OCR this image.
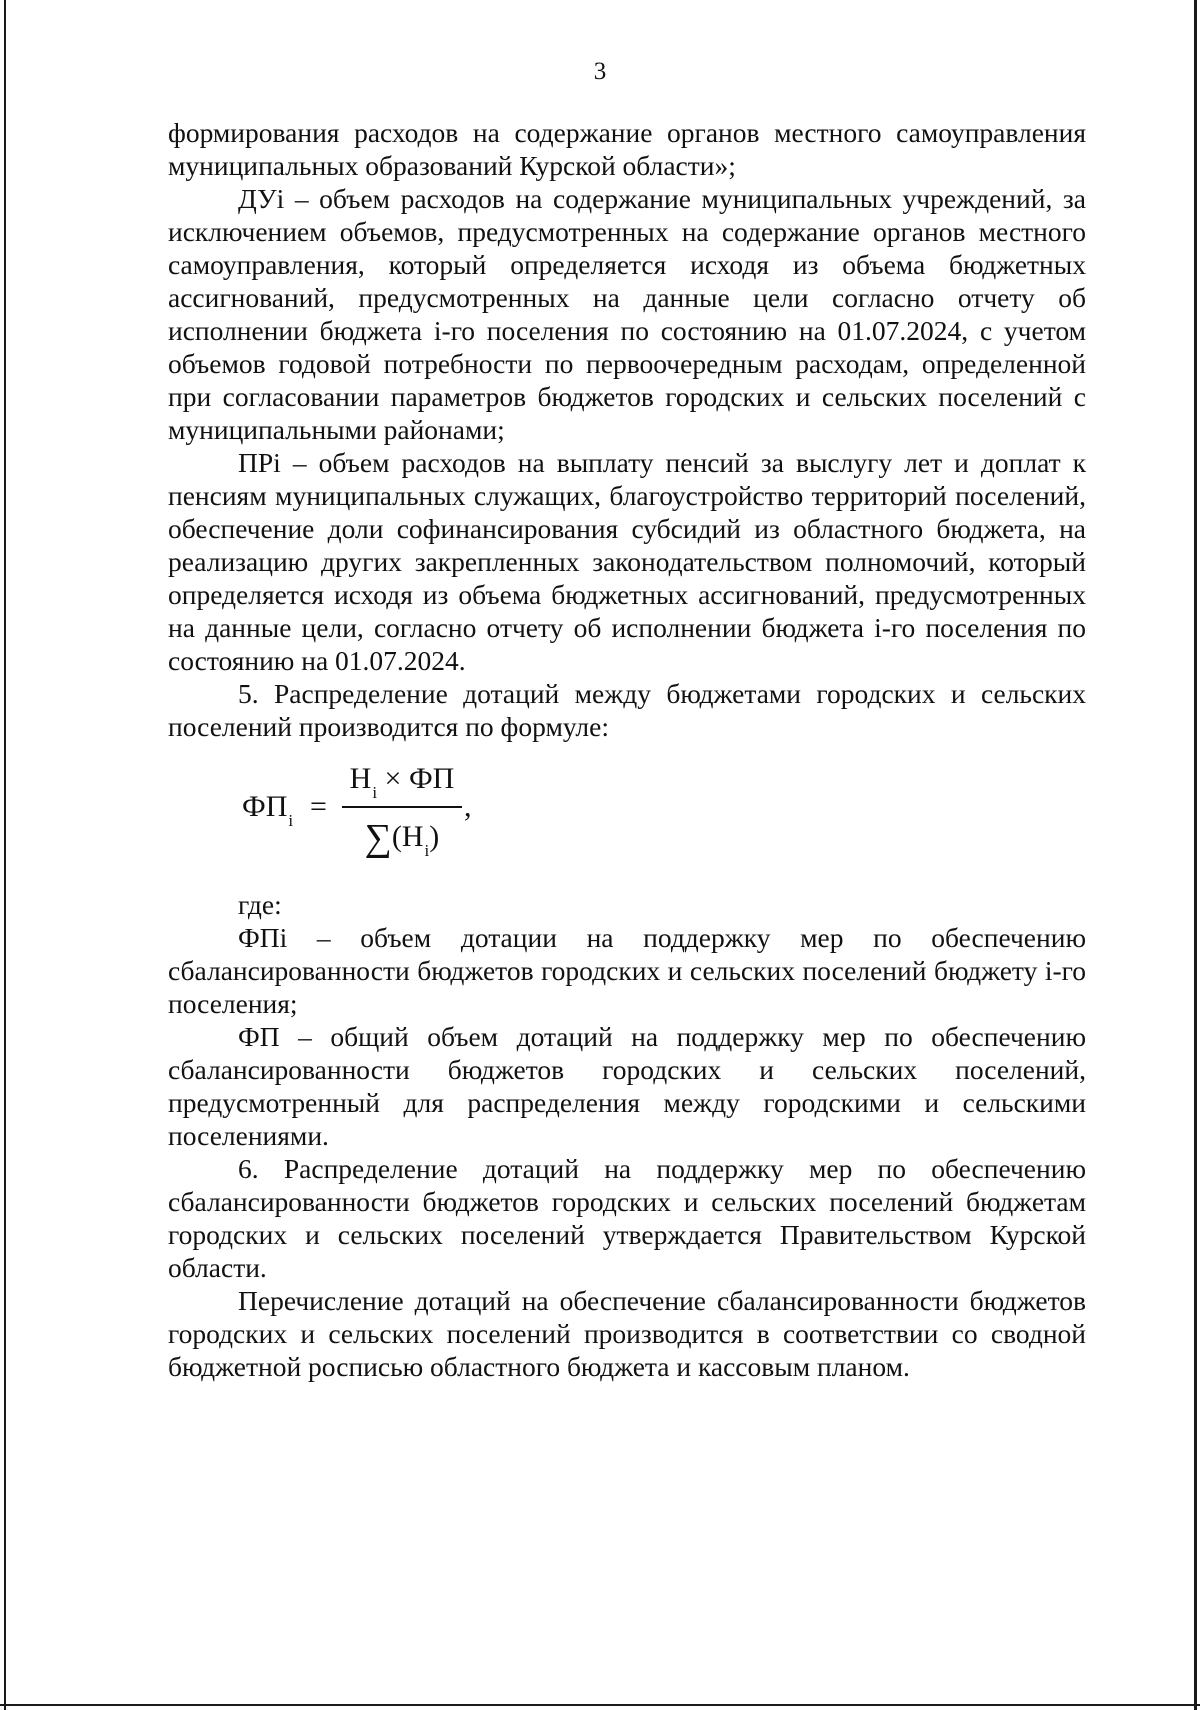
3

формирования расходов на содержание органов местного самоуправления муниципальных образований Курской области»;

ДУi – объем расходов на содержание муниципальных учреждений, за исключением объемов, предусмотренных на содержание органов местного самоуправления, который определяется исходя из объема бюджетных ассигнований, предусмотренных на данные цели согласно отчету об исполнении бюджета i-го поселения по состоянию на 01.07.2024, с учетом объемов годовой потребности по первоочередным расходам, определенной при согласовании параметров бюджетов городских и сельских поселений с муниципальными районами;

ПРi – объем расходов на выплату пенсий за выслугу лет и доплат к пенсиям муниципальных служащих, благоустройство территорий поселений, обеспечение доли софинансирования субсидий из областного бюджета, на реализацию других закрепленных законодательством полномочий, который определяется исходя из объема бюджетных ассигнований, предусмотренных на данные цели, согласно отчету об исполнении бюджета i-го поселения по состоянию на 01.07.2024.

5. Распределение дотаций между бюджетами городских и сельских поселений производится по формуле:

$ФП_i$ =
$Н_i$ × ФП
$\sum(Н_i)$
,

где:

ФПi – объем дотации на поддержку мер по обеспечению сбалансированности бюджетов городских и сельских поселений бюджету i-го поселения;

ФП – общий объем дотаций на поддержку мер по обеспечению сбалансированности бюджетов городских и сельских поселений, предусмотренный для распределения между городскими и сельскими поселениями.

6. Распределение дотаций на поддержку мер по обеспечению сбалансированности бюджетов городских и сельских поселений бюджетам городских и сельских поселений утверждается Правительством Курской области.

Перечисление дотаций на обеспечение сбалансированности бюджетов городских и сельских поселений производится в соответствии со сводной бюджетной росписью областного бюджета и кассовым планом.
